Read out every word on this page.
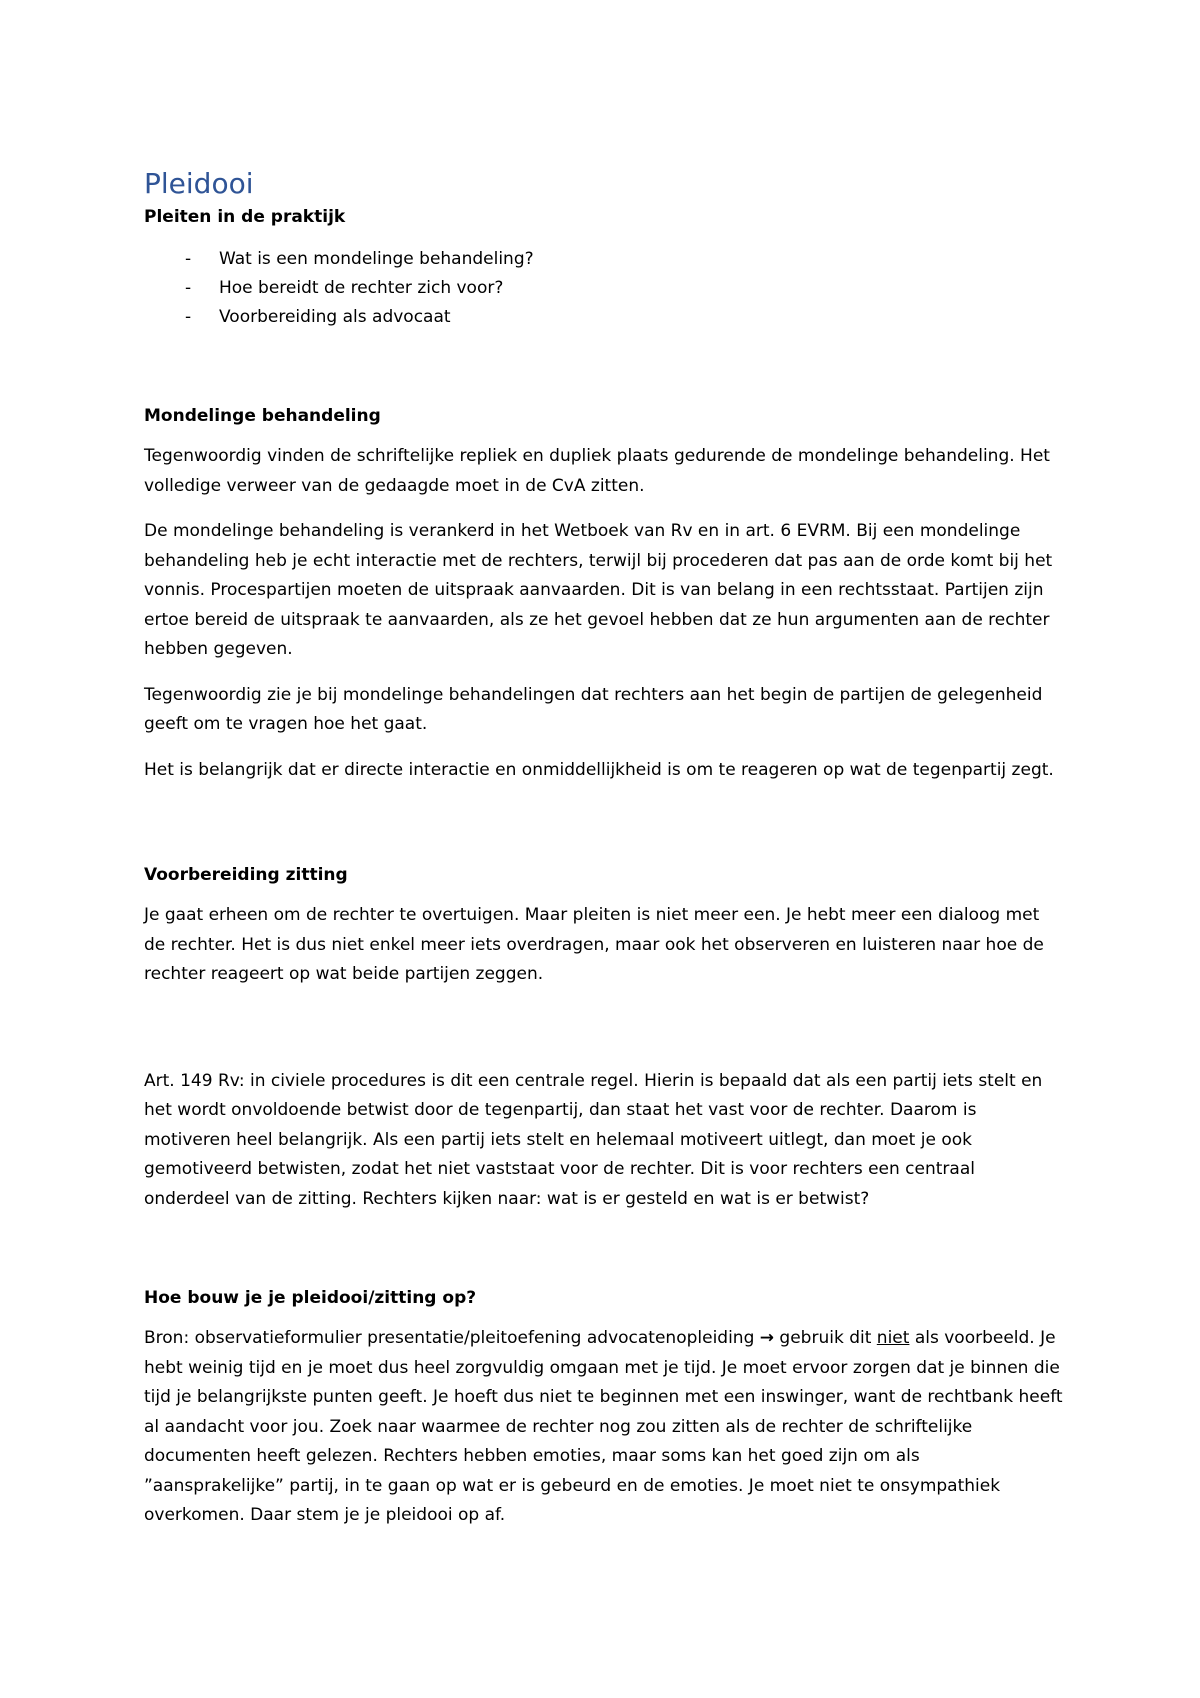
Pleidooi

Pleiten in de praktijk

- Wat is een mondelinge behandeling?
- Hoe bereidt de rechter zich voor?
- Voorbereiding als advocaat
Mondelinge behandeling

Tegenwoordig vinden de schriftelijke repliek en dupliek plaats gedurende de mondelinge behandeling. Het volledige verweer van de gedaagde moet in de CvA zitten.

De mondelinge behandeling is verankerd in het Wetboek van Rv en in art. 6 EVRM. Bij een mondelinge behandeling heb je echt interactie met de rechters, terwijl bij procederen dat pas aan de orde komt bij het vonnis. Procespartijen moeten de uitspraak aanvaarden. Dit is van belang in een rechtsstaat. Partijen zijn ertoe bereid de uitspraak te aanvaarden, als ze het gevoel hebben dat ze hun argumenten aan de rechter hebben gegeven.

Tegenwoordig zie je bij mondelinge behandelingen dat rechters aan het begin de partijen de gelegenheid geeft om te vragen hoe het gaat.

Het is belangrijk dat er directe interactie en onmiddellijkheid is om te reageren op wat de tegenpartij zegt.

Voorbereiding zitting

Je gaat erheen om de rechter te overtuigen. Maar pleiten is niet meer een. Je hebt meer een dialoog met de rechter. Het is dus niet enkel meer iets overdragen, maar ook het observeren en luisteren naar hoe de rechter reageert op wat beide partijen zeggen.

Art. 149 Rv: in civiele procedures is dit een centrale regel. Hierin is bepaald dat als een partij iets stelt en het wordt onvoldoende betwist door de tegenpartij, dan staat het vast voor de rechter. Daarom is motiveren heel belangrijk. Als een partij iets stelt en helemaal motiveert uitlegt, dan moet je ook gemotiveerd betwisten, zodat het niet vaststaat voor de rechter. Dit is voor rechters een centraal onderdeel van de zitting. Rechters kijken naar: wat is er gesteld en wat is er betwist?

Hoe bouw je je pleidooi/zitting op?

Bron: observatieformulier presentatie/pleitoefening advocatenopleiding → gebruik dit niet als voorbeeld. Je hebt weinig tijd en je moet dus heel zorgvuldig omgaan met je tijd. Je moet ervoor zorgen dat je binnen die tijd je belangrijkste punten geeft. Je hoeft dus niet te beginnen met een inswinger, want de rechtbank heeft al aandacht voor jou. Zoek naar waarmee de rechter nog zou zitten als de rechter de schriftelijke documenten heeft gelezen. Rechters hebben emoties, maar soms kan het goed zijn om als ”aansprakelijke” partij, in te gaan op wat er is gebeurd en de emoties. Je moet niet te onsympathiek overkomen. Daar stem je je pleidooi op af.
